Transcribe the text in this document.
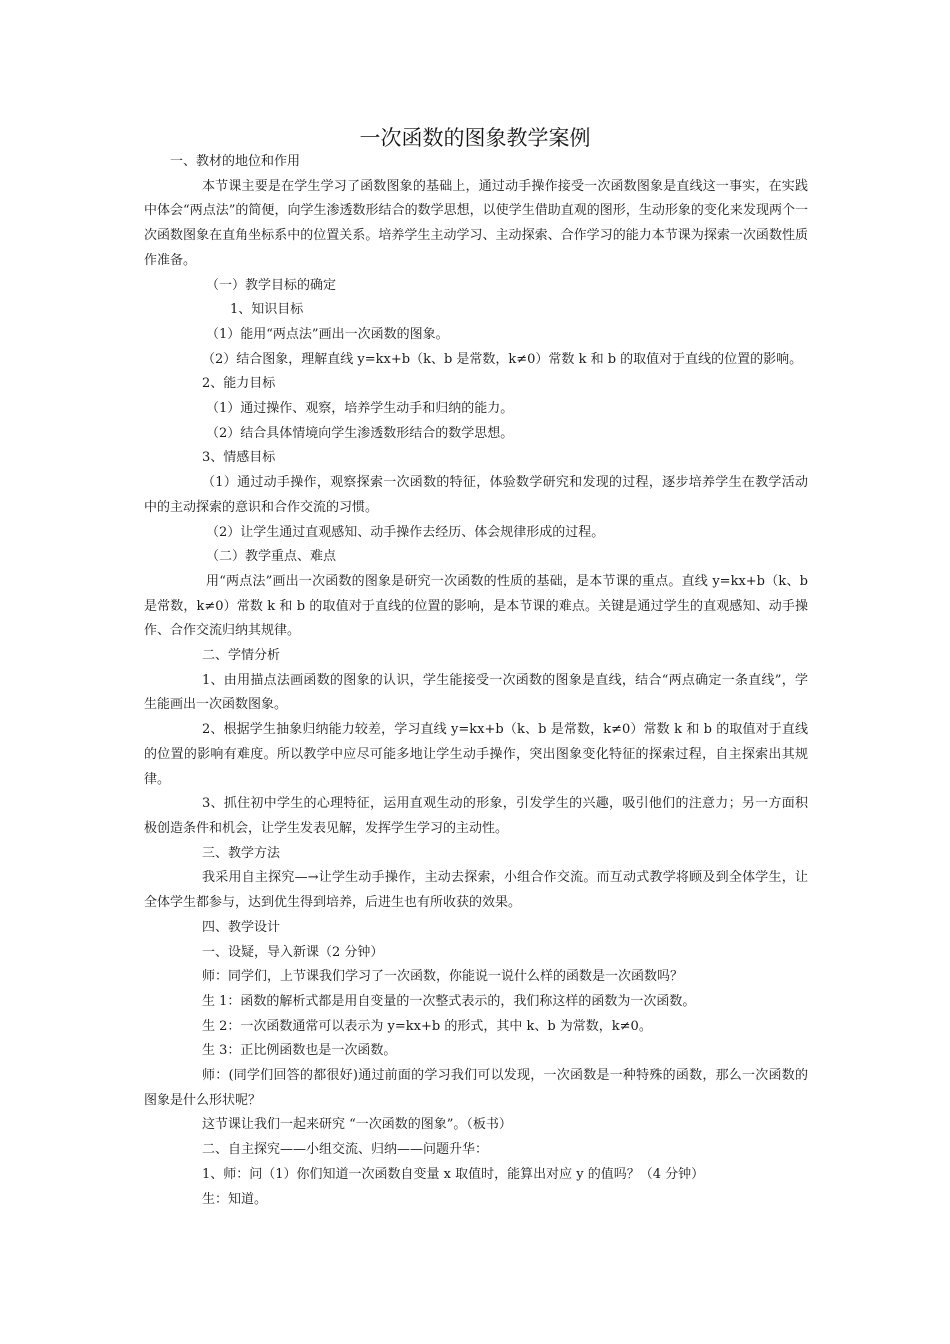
一次函数的图象教学案例

一、教材的地位和作用

本节课主要是在学生学习了函数图象的基础上，通过动手操作接受一次函数图象是直线这一事实，在实践中体会“两点法”的简便，向学生渗透数形结合的数学思想，以使学生借助直观的图形，生动形象的变化来发现两个一次函数图象在直角坐标系中的位置关系。培养学生主动学习、主动探索、合作学习的能力本节课为探索一次函数性质作准备。

（一）教学目标的确定

1、知识目标

（1）能用“两点法”画出一次函数的图象。

（2）结合图象，理解直线 y=kx+b（k、b 是常数，k≠0）常数 k 和 b 的取值对于直线的位置的影响。

2、能力目标

（1）通过操作、观察，培养学生动手和归纳的能力。

（2）结合具体情境向学生渗透数形结合的数学思想。

3、情感目标

（1）通过动手操作，观察探索一次函数的特征，体验数学研究和发现的过程，逐步培养学生在教学活动中的主动探索的意识和合作交流的习惯。

（2）让学生通过直观感知、动手操作去经历、体会规律形成的过程。

（二）教学重点、难点

用“两点法”画出一次函数的图象是研究一次函数的性质的基础，是本节课的重点。直线 y=kx+b（k、b 是常数，k≠0）常数 k 和 b 的取值对于直线的位置的影响，是本节课的难点。关键是通过学生的直观感知、动手操作、合作交流归纳其规律。

二、学情分析

1、由用描点法画函数的图象的认识，学生能接受一次函数的图象是直线，结合“两点确定一条直线”，学生能画出一次函数图象。

2、根据学生抽象归纳能力较差，学习直线 y=kx+b（k、b 是常数，k≠0）常数 k 和 b 的取值对于直线的位置的影响有难度。所以教学中应尽可能多地让学生动手操作，突出图象变化特征的探索过程，自主探索出其规律。

3、抓住初中学生的心理特征，运用直观生动的形象，引发学生的兴趣，吸引他们的注意力；另一方面积极创造条件和机会，让学生发表见解，发挥学生学习的主动性。

三、教学方法

我采用自主探究—→让学生动手操作，主动去探索，小组合作交流。而互动式教学将顾及到全体学生，让全体学生都参与，达到优生得到培养，后进生也有所收获的效果。

四、教学设计

一、设疑，导入新课（2 分钟）

师：同学们，上节课我们学习了一次函数，你能说一说什么样的函数是一次函数吗？

生 1：函数的解析式都是用自变量的一次整式表示的，我们称这样的函数为一次函数。

生 2：一次函数通常可以表示为 y=kx+b 的形式，其中 k、b 为常数，k≠0。

生 3：正比例函数也是一次函数。

师：(同学们回答的都很好)通过前面的学习我们可以发现，一次函数是一种特殊的函数，那么一次函数的图象是什么形状呢？

这节课让我们一起来研究 “一次函数的图象”。（板书）

二、自主探究——小组交流、归纳——问题升华：

1、师：问（1）你们知道一次函数自变量 x 取值时，能算出对应 y 的值吗？（4 分钟）

生：知道。
